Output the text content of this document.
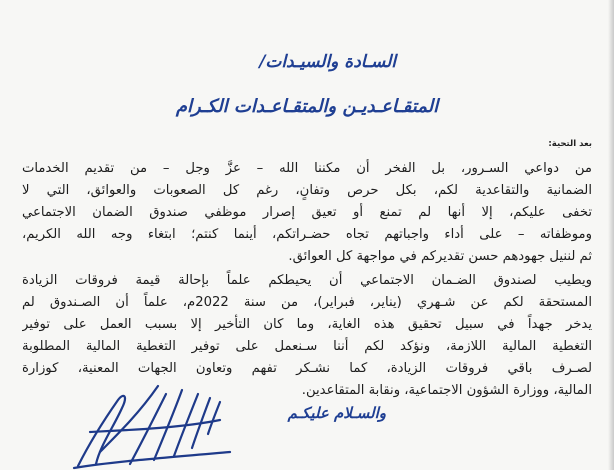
السـادة والسيـدات/
المتقـاعـديـن والمتقـاعـدات الكـرام
بعد التحية:
من دواعي السـرور، بل الفخر أن مكننا الله – عزَّ وجل – من تقديم الخدمات
الضمانية والتقاعدية لكم، بكل حرص وتفانٍ، رغم كل الصعوبات والعوائق، التي لا
تخفى عليكم، إلا أنها لم تمنع أو تعيق إصرار موظفي صندوق الضمان الاجتماعي
وموظفاته – على أداء واجباتهم تجاه حضـراتكم، أينما كنتم؛ ابتغاء وجه الله الكريم،
ثم لننيل جهودهم حسن تقديركم في مواجهة كل العوائق.
ويطيب لصندوق الضـمان الاجتماعي أن يحيطكم علماً بإحالة قيمة فروقات الزيادة
المستحقة لكم عن شـهري (يناير، فبراير)، من سنة 2022م، علماً أن الصـندوق لم
يدخر جهداً في سبيل تحقيق هذه الغاية، وما كان التأخير إلا بسبب العمل على توفير
التغطية المالية اللازمة، ونؤكد لكم أننا سـنعمل على توفير التغطية المالية المطلوبة
لصـرف باقي فروقات الزيادة، كما نشـكر تفهم وتعاون الجهات المعنية، كوزارة
المالية، ووزارة الشؤون الاجتماعية، ونقابة المتقاعدين.
والسـلام عليكـم
